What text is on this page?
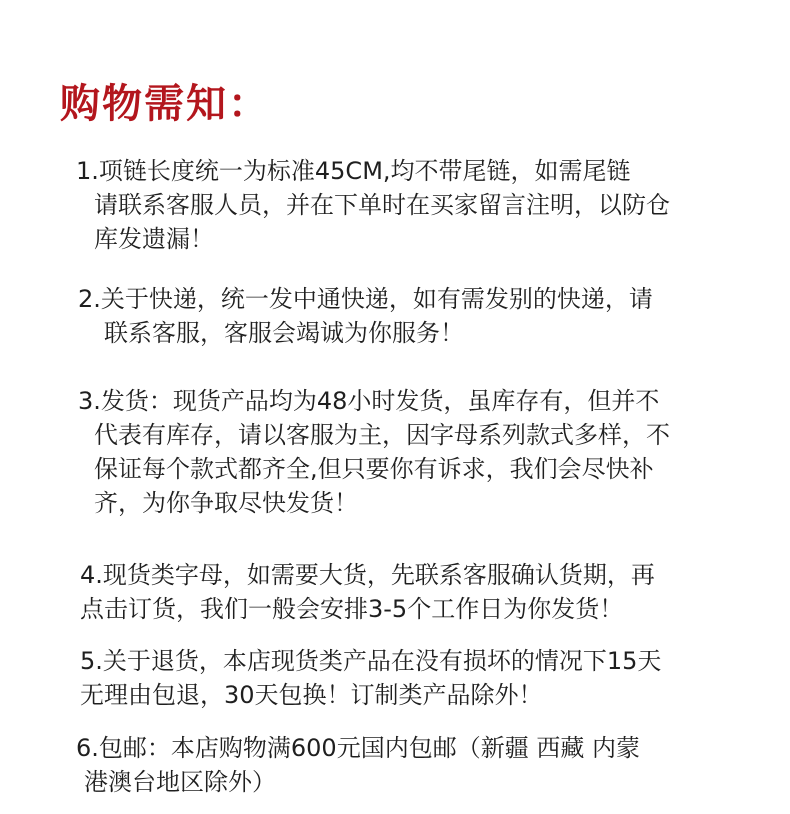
购物需知：
1.项链长度统一为标准45CM,均不带尾链，如需尾链
请联系客服人员，并在下单时在买家留言注明，以防仓
库发遗漏！
2.关于快递，统一发中通快递，如有需发别的快递，请
联系客服，客服会竭诚为你服务！
3.发货：现货产品均为48小时发货，虽库存有，但并不
代表有库存，请以客服为主，因字母系列款式多样，不
保证每个款式都齐全,但只要你有诉求，我们会尽快补
齐，为你争取尽快发货！
4.现货类字母，如需要大货，先联系客服确认货期，再
点击订货，我们一般会安排3-5个工作日为你发货！
5.关于退货，本店现货类产品在没有损坏的情况下15天
无理由包退，30天包换！订制类产品除外！
6.包邮：本店购物满600元国内包邮（新疆 西藏 内蒙
港澳台地区除外）
